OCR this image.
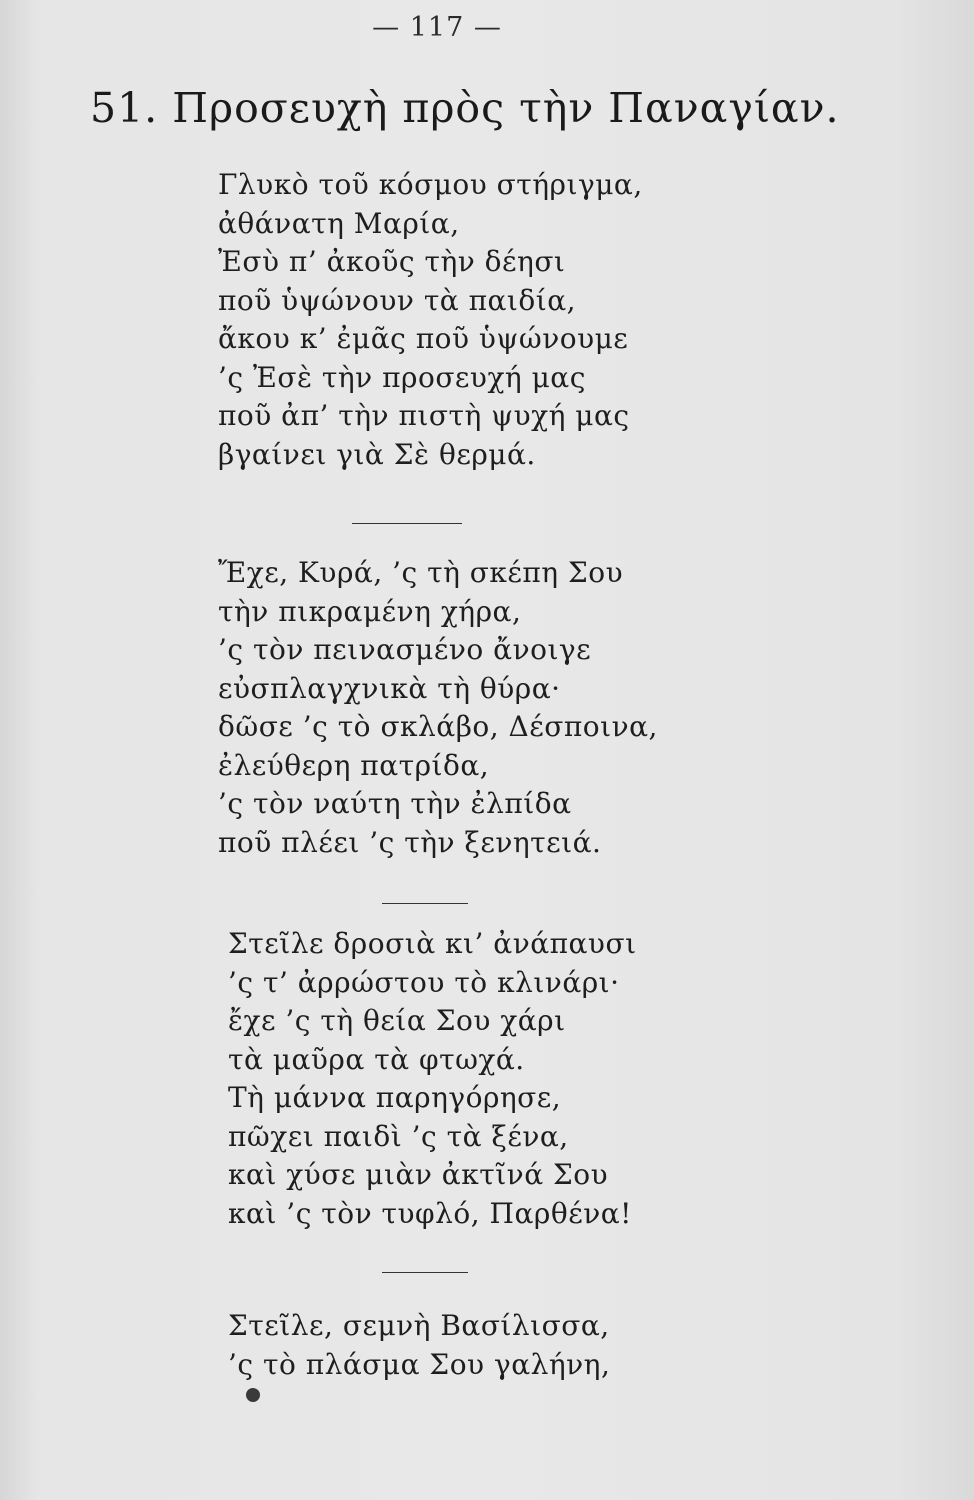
— 117 —
51. Προσευχὴ πρὸς τὴν Παναγίαν.
Γλυκὸ τοῦ κόσμου στήριγμα,
ἀθάνατη Μαρία,
Ἐσὺ π’ ἀκοῦς τὴν δέησι
ποῦ ὑψώνουν τὰ παιδία,
ἄκου κ’ ἐμᾶς ποῦ ὑψώνουμε
’ς Ἐσὲ τὴν προσευχή μας
ποῦ ἀπ’ τὴν πιστὴ ψυχή μας
βγαίνει γιὰ Σὲ θερμά.
Ἔχε, Κυρά, ’ς τὴ σκέπη Σου
τὴν πικραμένη χήρα,
’ς τὸν πεινασμένο ἄνοιγε
εὐσπλαγχνικὰ τὴ θύρα·
δῶσε ’ς τὸ σκλάβο, Δέσποινα,
ἐλεύθερη πατρίδα,
’ς τὸν ναύτη τὴν ἐλπίδα
ποῦ πλέει ’ς τὴν ξενητειά.
Στεῖλε δροσιὰ κι’ ἀνάπαυσι
’ς τ’ ἀρρώστου τὸ κλινάρι·
ἔχε ’ς τὴ θεία Σου χάρι
τὰ μαῦρα τὰ φτωχά.
Τὴ μάννα παρηγόρησε,
πῶχει παιδὶ ’ς τὰ ξένα,
καὶ χύσε μιὰν ἀκτῖνά Σου
καὶ ’ς τὸν τυφλό, Παρθένα!
Στεῖλε, σεμνὴ Βασίλισσα,
’ς τὸ πλάσμα Σου γαλήνη,
